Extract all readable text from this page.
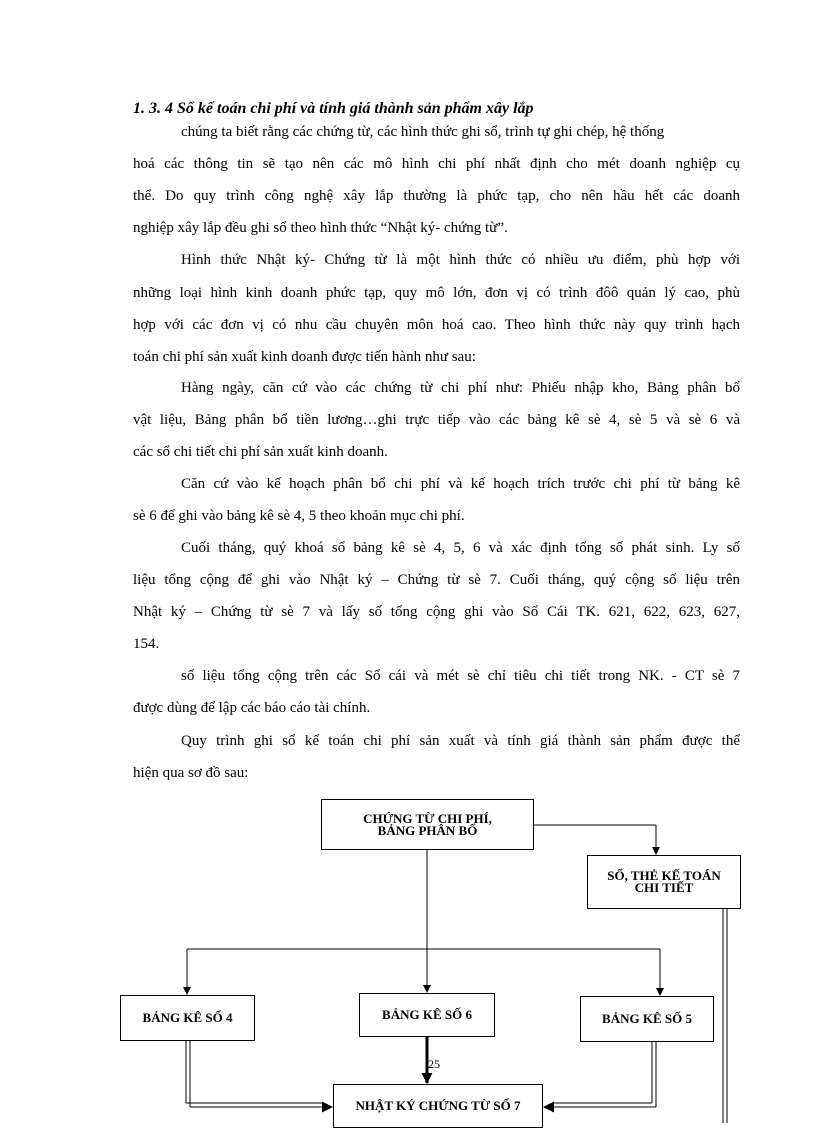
1. 3. 4 Sổ kế toán chi phí và tính giá thành sản phẩm xây lắp
chúng ta biết rằng các chứng từ, các hình thức ghi sổ, trình tự ghi chép, hệ thống
hoá các thông tin sẽ tạo nên các mô hình chi phí nhất định cho mét doanh nghiệp cụ
thể. Do quy trình công nghệ xây lắp thường là phức tạp, cho nên hầu hết các doanh
nghiệp xây lắp đều ghi sổ theo hình thức “Nhật ký- chứng từ”.
Hình thức Nhật ký- Chứng từ là một hình thức có nhiều ưu điểm, phù hợp với
những loại hình kinh doanh phức tạp, quy mô lớn, đơn vị có trình đôô quản lý cao, phù
hợp với các đơn vị có nhu cầu chuyên môn hoá cao. Theo hình thức này quy trình hạch
toán chi phí sản xuất kinh doanh được tiến hành như sau:
Hàng ngày, căn cứ vào các chứng từ chi phí như: Phiếu nhập kho, Bảng phân bổ
vật liệu, Bảng phân bổ tiền lương…ghi trực tiếp vào các bảng kê sè 4, sè 5 và sè 6 và
các sổ chi tiết chi phí sản xuất kinh doanh.
Căn cứ vào kế hoạch phân bổ chi phí và kế hoạch trích trước chi phí từ bảng kê
sè 6 để ghi vào bảng kê sè 4, 5 theo khoản mục chi phí.
Cuối tháng, quý khoá sổ bảng kê sè 4, 5, 6 và xác định tổng số phát sinh. Ly số
liệu tổng cộng để ghi vào Nhật ký – Chứng từ sè 7. Cuối tháng, quý cộng số liệu trên
Nhật ký – Chứng từ sè 7 và lấy số tổng cộng ghi vào Sổ Cái TK. 621, 622, 623, 627,
154.
số liệu tổng cộng trên các Sổ cái và mét sè chỉ tiêu chi tiết trong NK. - CT sè 7
được dùng để lập các báo cáo tài chính.
Quy trình ghi sổ kế toán chi phí sản xuất và tính giá thành sản phẩm được thể
hiện qua sơ đồ sau:
CHỨNG TỪ CHI PHÍ,
BẢNG PHÂN BỔ
SỔ, THẺ KẾ TOÁN
CHI TIẾT
BẢNG KÊ SỐ 4	BẢNG KÊ SỐ 6	BẢNG KÊ SỐ 5
NHẬT KÝ CHỨNG TỪ SỐ 7
25
